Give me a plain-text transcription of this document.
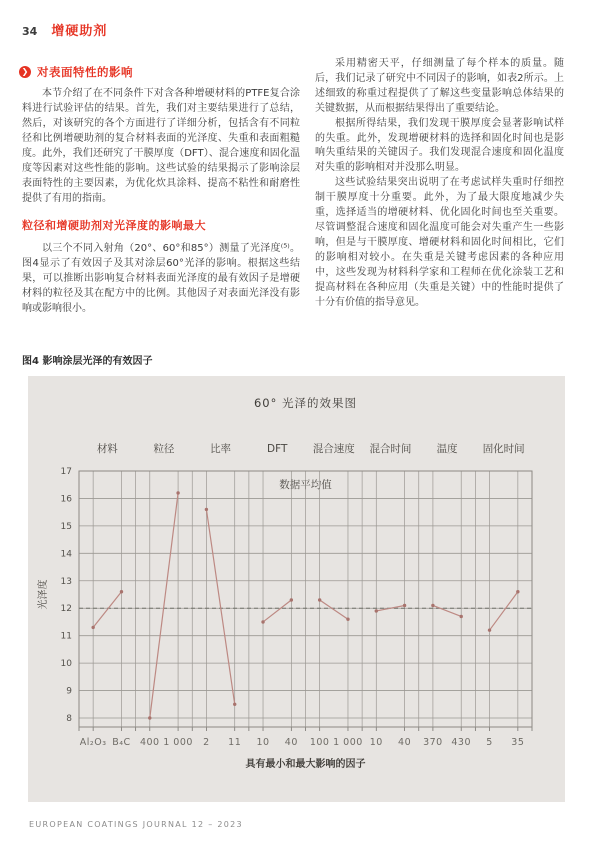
34 增硬助剂
❯ 对表面特性的影响

本节介绍了在不同条件下对含各种增硬材料的PTFE复合涂料进行试验评估的结果。首先，我们对主要结果进行了总结，然后，对该研究的各个方面进行了详细分析，包括含有不同粒径和比例增硬助剂的复合材料表面的光泽度、失重和表面粗糙度。此外，我们还研究了干膜厚度（DFT）、混合速度和固化温度等因素对这些性能的影响。这些试验的结果揭示了影响涂层表面特性的主要因素，为优化炊具涂料、提高不粘性和耐磨性提供了有用的指南。

粒径和增硬助剂对光泽度的影响最大

以三个不同入射角（20°、60°和85°）测量了光泽度⁽⁵⁾。图4显示了有效因子及其对涂层60°光泽的影响。根据这些结果，可以推断出影响复合材料表面光泽度的最有效因子是增硬材料的粒径及其在配方中的比例。其他因子对表面光泽没有影响或影响很小。

采用精密天平，仔细测量了每个样本的质量。随后，我们记录了研究中不同因子的影响，如表2所示。上述细致的称重过程提供了了解这些变量影响总体结果的关键数据，从而根据结果得出了重要结论。

根据所得结果，我们发现干膜厚度会显著影响试样的失重。此外，发现增硬材料的选择和固化时间也是影响失重结果的关键因子。我们发现混合速度和固化温度对失重的影响相对并没那么明显。

这些试验结果突出说明了在考虑试样失重时仔细控制干膜厚度十分重要。此外，为了最大限度地减少失重，选择适当的增硬材料、优化固化时间也至关重要。尽管调整混合速度和固化温度可能会对失重产生一些影响，但是与干膜厚度、增硬材料和固化时间相比，它们的影响相对较小。在失重是关键考虑因素的各种应用中，这些发现为材料科学家和工程师在优化涂装工艺和提高材料在各种应用（失重是关键）中的性能时提供了十分有价值的指导意见。

图4 影响涂层光泽的有效因子
60° 光泽的效果图
数据平均值
8
9
10
11
12
13
14
15
16
17
材料
Al₂O₃ B₄C
粒径
400 1 000
比率
2 11
DFT
10 40
混合速度
100 1 000
混合时间
10 40
温度
370 430
固化时间
5 35
具有最小和最大影响的因子
光泽度
EUROPEAN COATINGS JOURNAL 12 – 2023
